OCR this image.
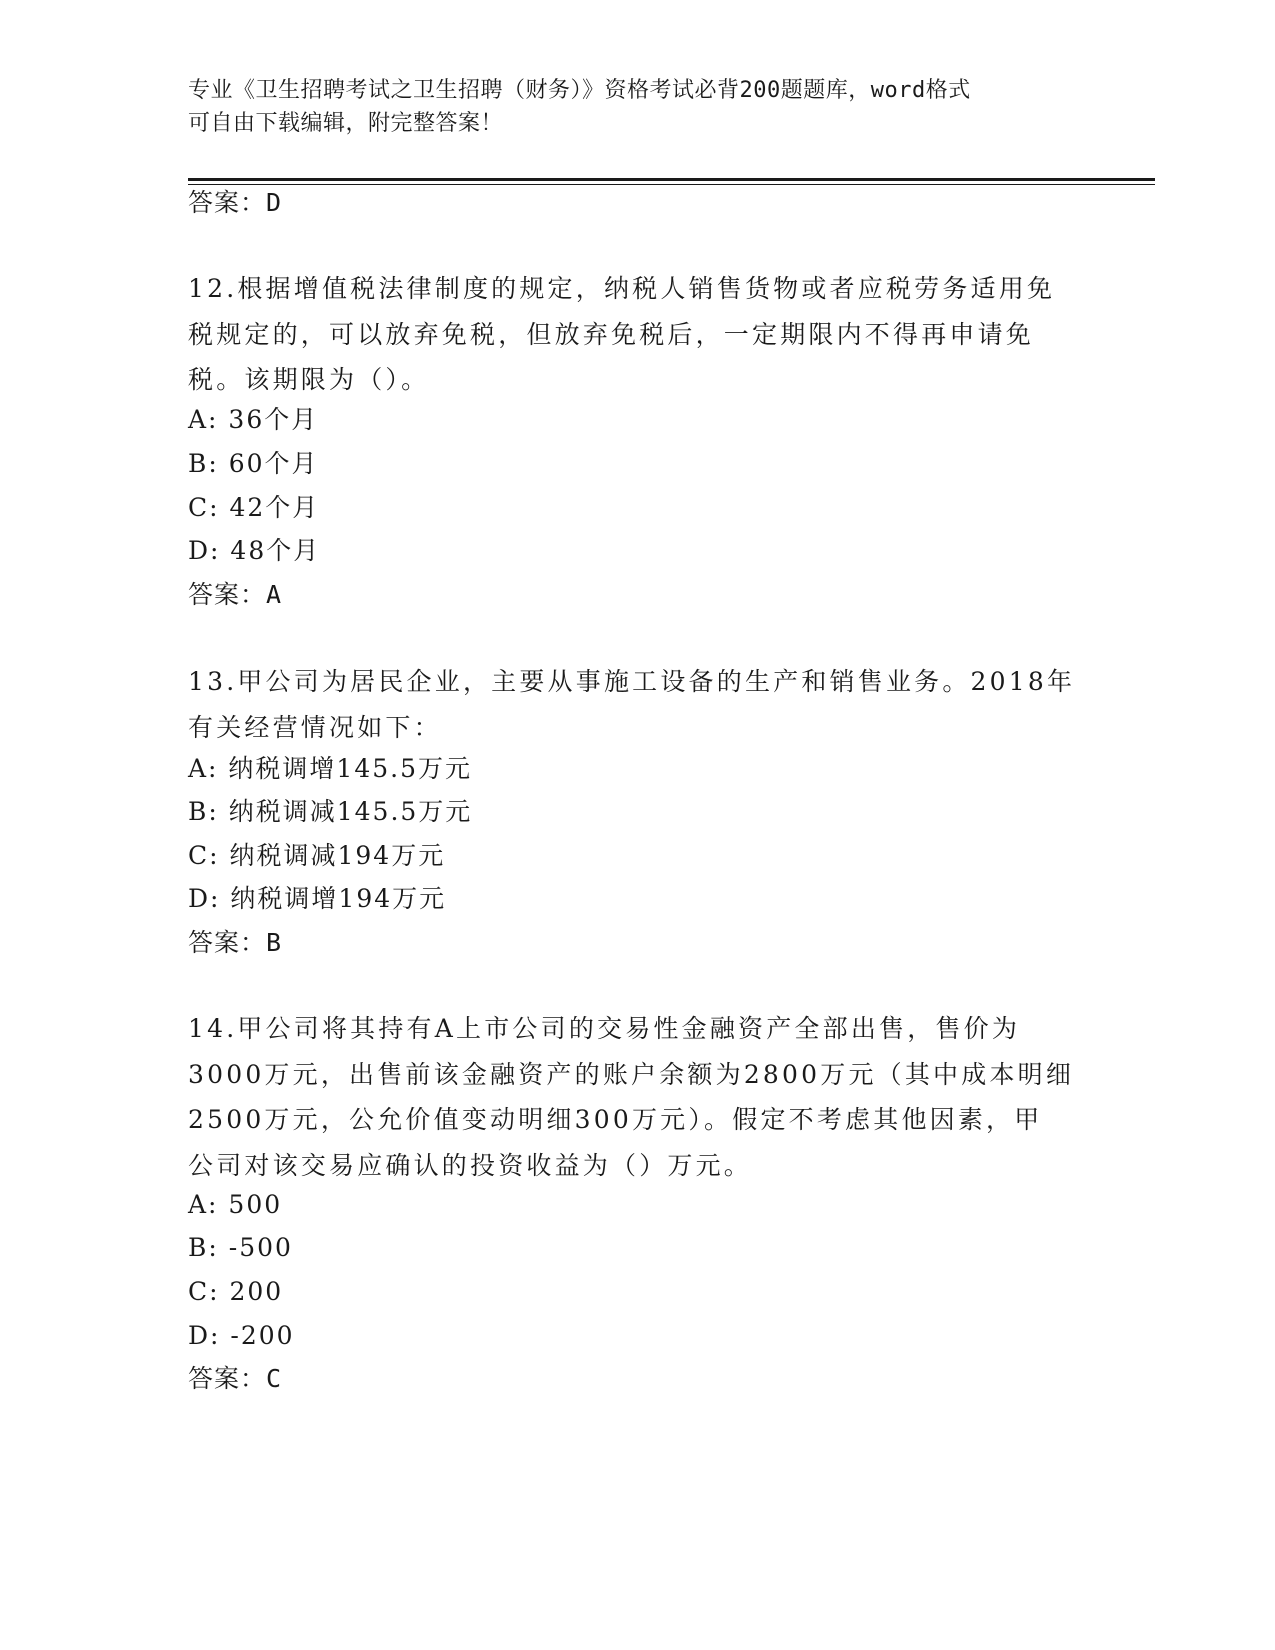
专业《卫生招聘考试之卫生招聘（财务）》资格考试必背200题题库，word格式
可自由下载编辑，附完整答案！
答案：D
12.根据增值税法律制度的规定，纳税人销售货物或者应税劳务适用免
税规定的，可以放弃免税，但放弃免税后，一定期限内不得再申请免
税。该期限为（）。
A: 36个月
B: 60个月
C: 42个月
D: 48个月
答案：A
13.甲公司为居民企业，主要从事施工设备的生产和销售业务。2018年
有关经营情况如下：
A: 纳税调增145.5万元
B: 纳税调减145.5万元
C: 纳税调减194万元
D: 纳税调增194万元
答案：B
14.甲公司将其持有A上市公司的交易性金融资产全部出售，售价为
3000万元，出售前该金融资产的账户余额为2800万元（其中成本明细
2500万元，公允价值变动明细300万元）。假定不考虑其他因素，甲
公司对该交易应确认的投资收益为（）万元。
A: 500
B: -500
C: 200
D: -200
答案：C
